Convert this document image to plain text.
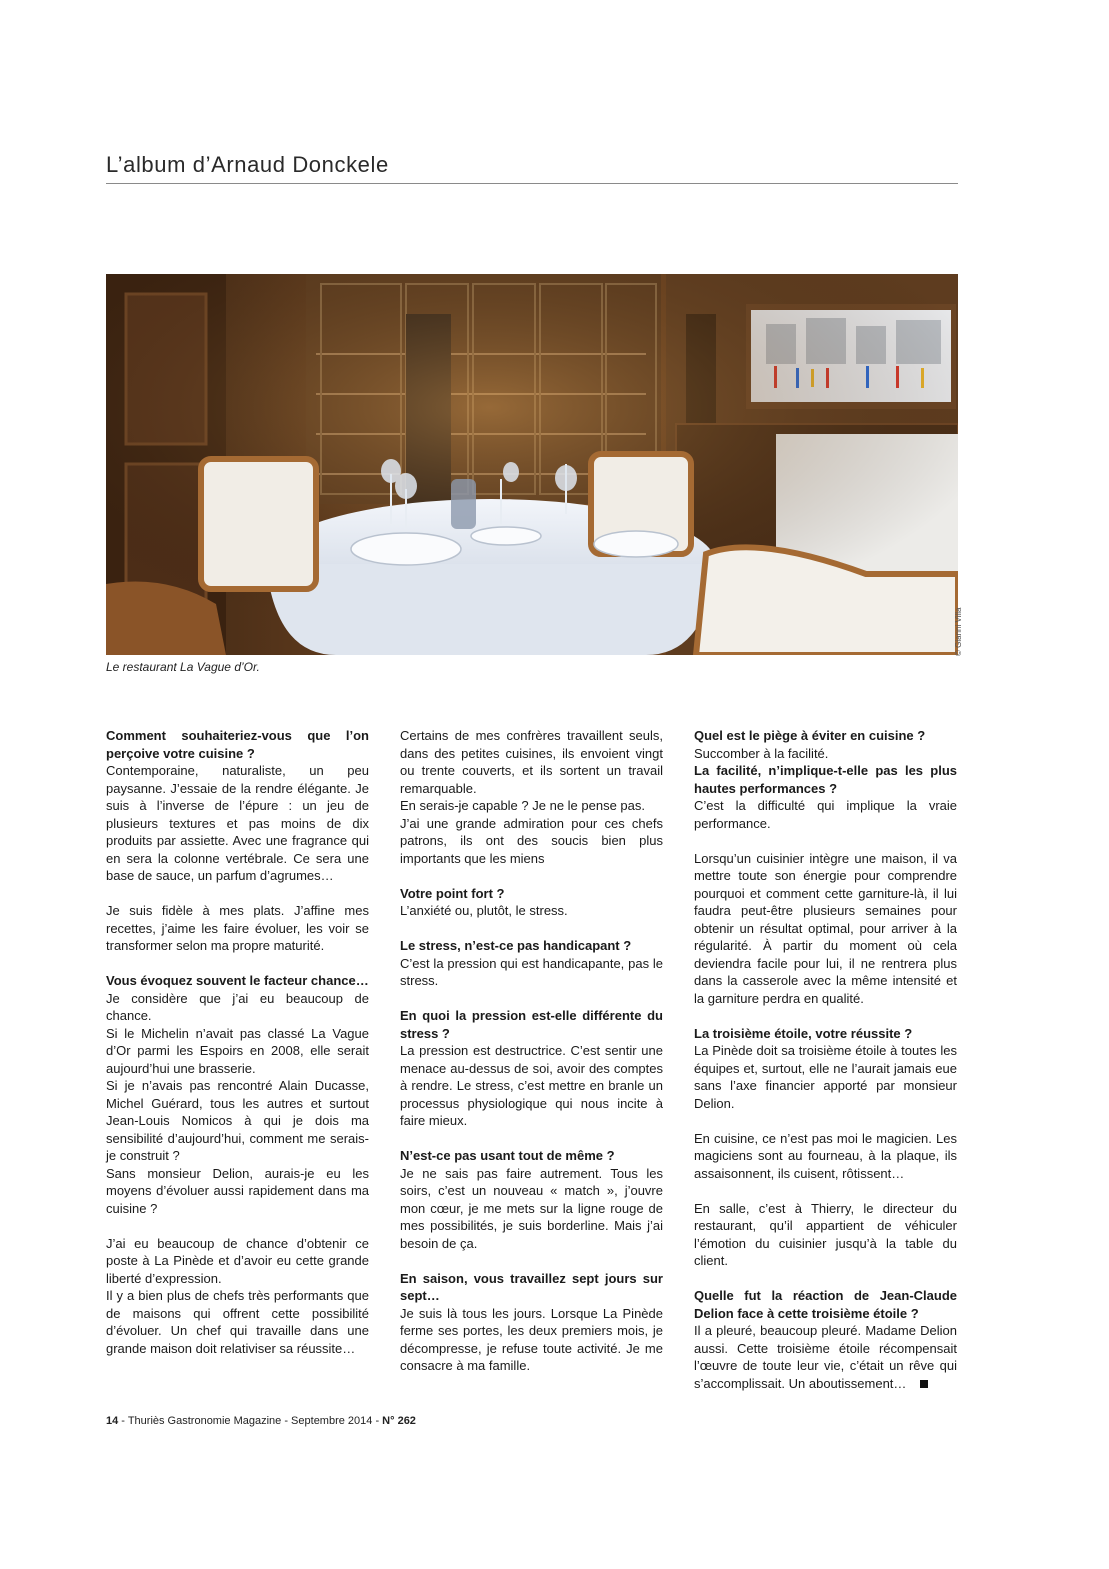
L’album d’Arnaud Donckele
© Gianni Villa
Le restaurant La Vague d’Or.

Comment souhaiteriez-vous que l’on perçoive votre cuisine ?

Contemporaine, naturaliste, un peu paysanne. J’essaie de la rendre élégante. Je suis à l’inverse de l’épure : un jeu de plusieurs textures et pas moins de dix produits par assiette. Avec une fragrance qui en sera la colonne vertébrale. Ce sera une base de sauce, un parfum d’agrumes…

Je suis fidèle à mes plats. J’affine mes recettes, j’aime les faire évoluer, les voir se transformer selon ma propre maturité.

Vous évoquez souvent le facteur chance…

Je considère que j’ai eu beaucoup de chance.

Si le Michelin n’avait pas classé La Vague d’Or parmi les Espoirs en 2008, elle serait aujourd’hui une brasserie.

Si je n’avais pas rencontré Alain Ducasse, Michel Guérard, tous les autres et surtout Jean-Louis Nomicos à qui je dois ma sensibilité d’aujourd’hui, comment me serais-je construit ?

Sans monsieur Delion, aurais-je eu les moyens d’évoluer aussi rapidement dans ma cuisine ?

J’ai eu beaucoup de chance d’obtenir ce poste à La Pinède et d’avoir eu cette grande liberté d’expression.

Il y a bien plus de chefs très performants que de maisons qui offrent cette possibilité d’évoluer. Un chef qui travaille dans une grande maison doit relativiser sa réussite…

Certains de mes confrères travaillent seuls, dans des petites cuisines, ils envoient vingt ou trente couverts, et ils sortent un travail remarquable.

En serais-je capable ? Je ne le pense pas.

J’ai une grande admiration pour ces chefs patrons, ils ont des soucis bien plus importants que les miens

Votre point fort ?

L’anxiété ou, plutôt, le stress.

Le stress, n’est-ce pas handicapant ?

C’est la pression qui est handicapante, pas le stress.

En quoi la pression est-elle différente du stress ?

La pression est destructrice. C’est sentir une menace au-dessus de soi, avoir des comptes à rendre. Le stress, c’est mettre en branle un processus physiologique qui nous incite à faire mieux.

N’est-ce pas usant tout de même ?

Je ne sais pas faire autrement. Tous les soirs, c’est un nouveau « match », j’ouvre mon cœur, je me mets sur la ligne rouge de mes possibilités, je suis borderline. Mais j’ai besoin de ça.

En saison, vous travaillez sept jours sur sept…

Je suis là tous les jours. Lorsque La Pinède ferme ses portes, les deux premiers mois, je décompresse, je refuse toute activité. Je me consacre à ma famille.

Quel est le piège à éviter en cuisine ?

Succomber à la facilité.

La facilité, n’implique-t-elle pas les plus hautes performances ?

C’est la difficulté qui implique la vraie performance.

Lorsqu’un cuisinier intègre une maison, il va mettre toute son énergie pour comprendre pourquoi et comment cette garniture-là, il lui faudra peut-être plusieurs semaines pour obtenir un résultat optimal, pour arriver à la régularité. À partir du moment où cela deviendra facile pour lui, il ne rentrera plus dans la casserole avec la même intensité et la garniture perdra en qualité.

La troisième étoile, votre réussite ?

La Pinède doit sa troisième étoile à toutes les équipes et, surtout, elle ne l’aurait jamais eue sans l’axe financier apporté par monsieur Delion.

En cuisine, ce n’est pas moi le magicien. Les magiciens sont au fourneau, à la plaque, ils assaisonnent, ils cuisent, rôtissent…

En salle, c’est à Thierry, le directeur du restaurant, qu’il appartient de véhiculer l’émotion du cuisinier jusqu’à la table du client.

Quelle fut la réaction de Jean-Claude Delion face à cette troisième étoile ?

Il a pleuré, beaucoup pleuré. Madame Delion aussi. Cette troisième étoile récompensait l’œuvre de toute leur vie, c’était un rêve qui s’accomplissait. Un aboutissement…

14 - Thuriès Gastronomie Magazine - Septembre 2014 - N° 262
